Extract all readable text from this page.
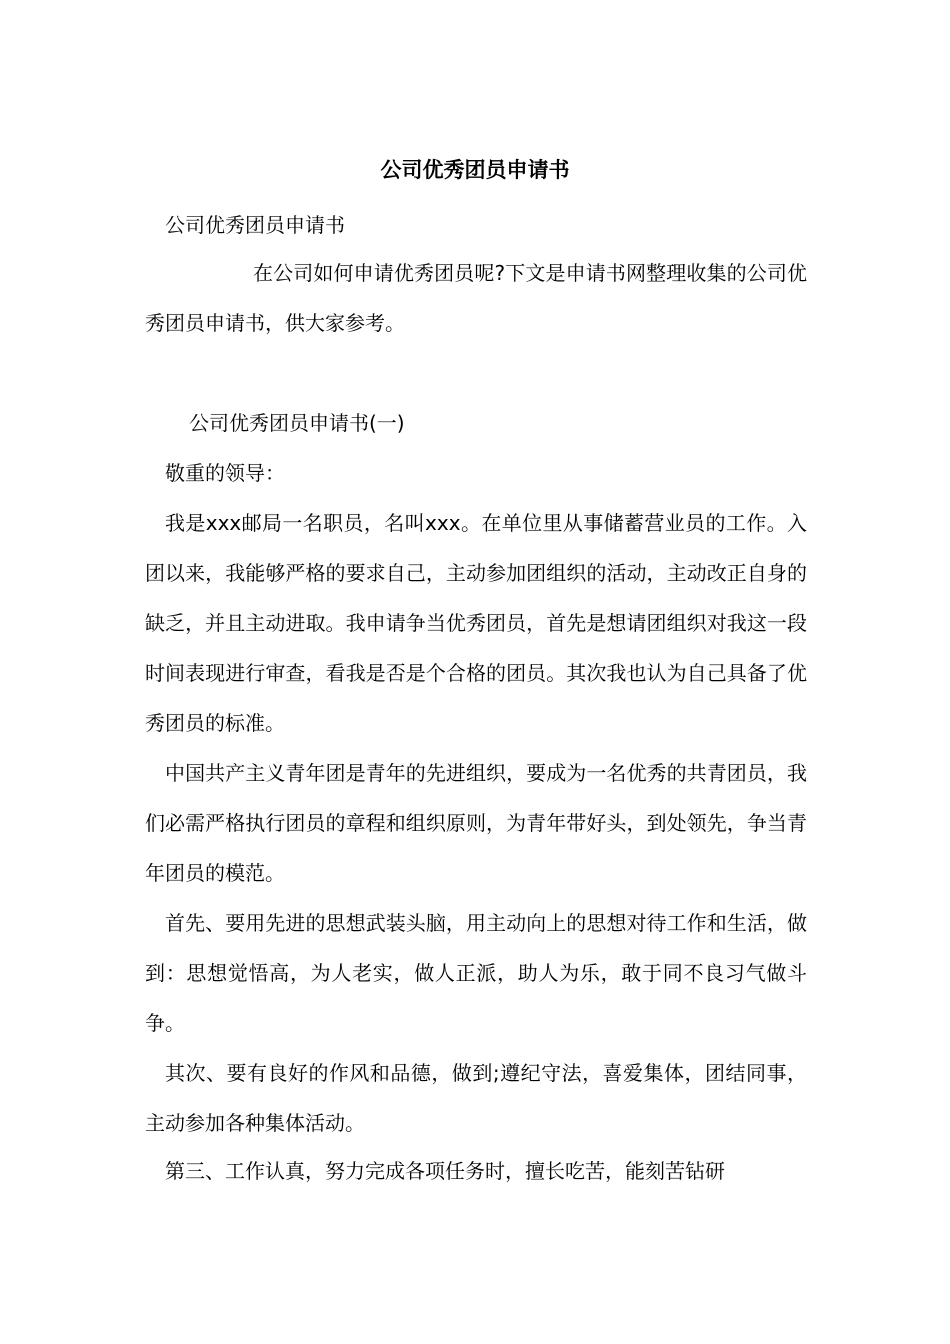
公司优秀团员申请书

公司优秀团员申请书

在公司如何申请优秀团员呢?下文是申请书网整理收集的公司优秀团员申请书，供大家参考。

公司优秀团员申请书(一)

敬重的领导：

我是xxx邮局一名职员，名叫xxx。在单位里从事储蓄营业员的工作。入团以来，我能够严格的要求自己，主动参加团组织的活动，主动改正自身的缺乏，并且主动进取。我申请争当优秀团员，首先是想请团组织对我这一段时间表现进行审查，看我是否是个合格的团员。其次我也认为自己具备了优秀团员的标准。

中国共产主义青年团是青年的先进组织，要成为一名优秀的共青团员，我们必需严格执行团员的章程和组织原则，为青年带好头，到处领先，争当青年团员的模范。

首先、要用先进的思想武装头脑，用主动向上的思想对待工作和生活，做到：思想觉悟高，为人老实，做人正派，助人为乐，敢于同不良习气做斗争。

其次、要有良好的作风和品德，做到;遵纪守法，喜爱集体，团结同事，主动参加各种集体活动。

第三、工作认真，努力完成各项任务时，擅长吃苦，能刻苦钻研
